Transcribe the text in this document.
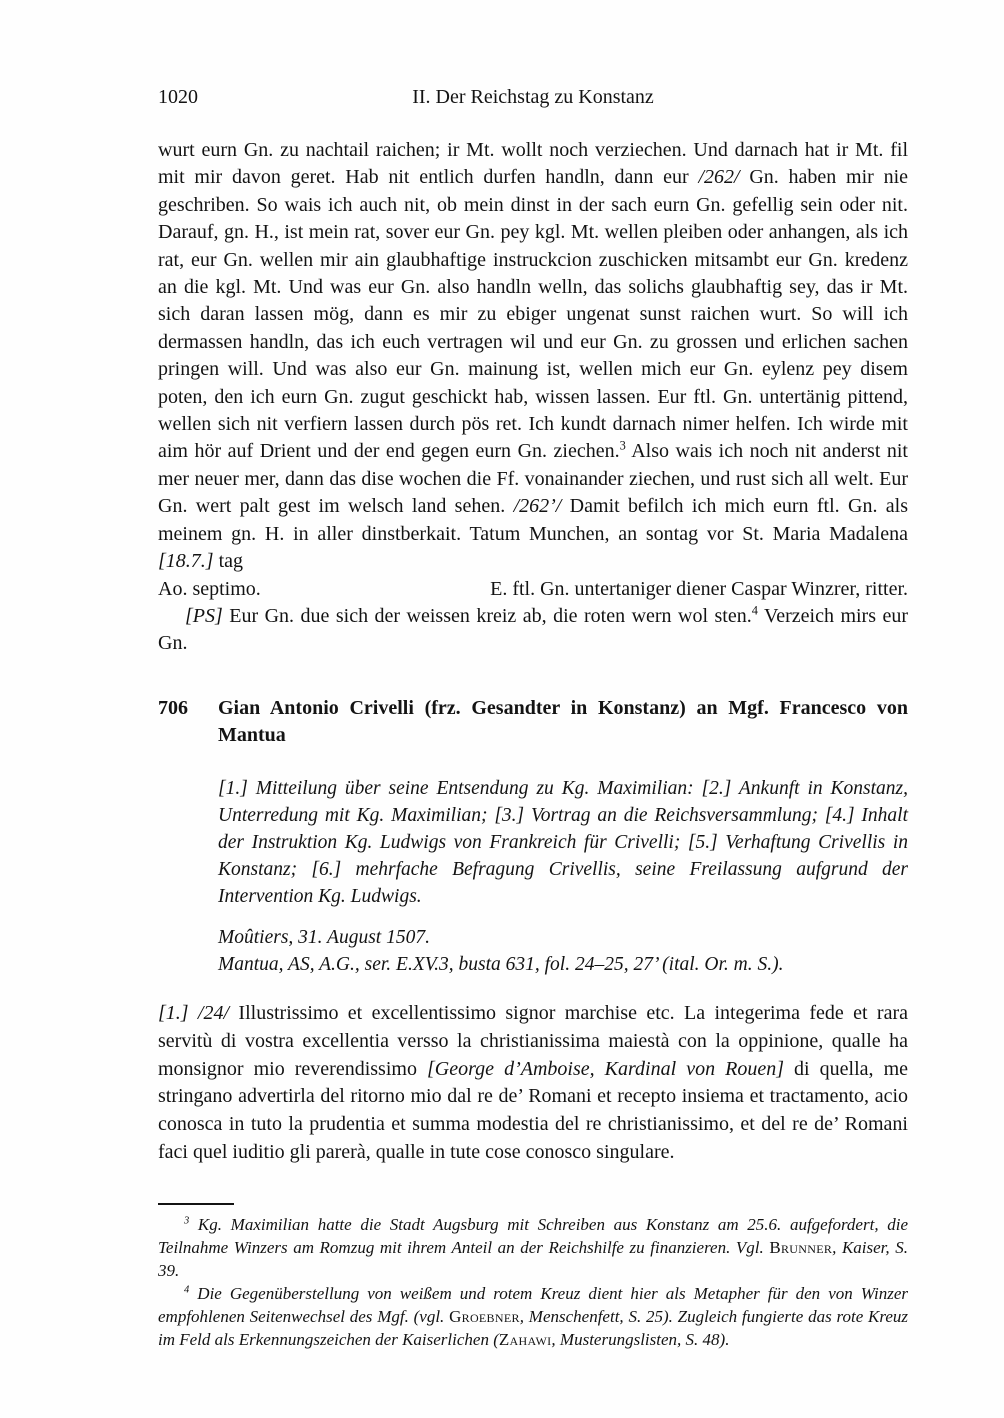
1020	II. Der Reichstag zu Konstanz
wurt eurn Gn. zu nachtail raichen; ir Mt. wollt noch verziechen. Und darnach hat ir Mt. fil mit mir davon geret. Hab nit entlich durfen handln, dann eur /262/ Gn. haben mir nie geschriben. So wais ich auch nit, ob mein dinst in der sach eurn Gn. gefellig sein oder nit. Darauf, gn. H., ist mein rat, sover eur Gn. pey kgl. Mt. wellen pleiben oder anhangen, als ich rat, eur Gn. wellen mir ain glaubhaftige instruckcion zuschicken mitsambt eur Gn. kredenz an die kgl. Mt. Und was eur Gn. also handln welln, das solichs glaubhaftig sey, das ir Mt. sich daran lassen mög, dann es mir zu ebiger ungenat sunst raichen wurt. So will ich dermassen handln, das ich euch vertragen wil und eur Gn. zu grossen und erlichen sachen pringen will. Und was also eur Gn. mainung ist, wellen mich eur Gn. eylenz pey disem poten, den ich eurn Gn. zugut geschickt hab, wissen lassen. Eur ftl. Gn. untertänig pittend, wellen sich nit verfiern lassen durch pös ret. Ich kundt darnach nimer helfen. Ich wirde mit aim hör auf Drient und der end gegen eurn Gn. ziechen.$^3$ Also wais ich noch nit anderst nit mer neuer mer, dann das dise wochen die Ff. vonainander ziechen, und rust sich all welt. Eur Gn. wert palt gest im welsch land sehen. /262’/ Damit befilch ich mich eurn ftl. Gn. als meinem gn. H. in aller dinstberkait. Tatum Munchen, an sontag vor St. Maria Madalena [18.7.] tag
Ao. septimo.	E. ftl. Gn. untertaniger diener Caspar Winzrer, ritter.
[PS] Eur Gn. due sich der weissen kreiz ab, die roten wern wol sten.$^4$ Verzeich mirs eur Gn.
706	Gian Antonio Crivelli (frz. Gesandter in Konstanz) an Mgf. Francesco von Mantua
[1.] Mitteilung über seine Entsendung zu Kg. Maximilian: [2.] Ankunft in Konstanz, Unterredung mit Kg. Maximilian; [3.] Vortrag an die Reichsversammlung; [4.] Inhalt der Instruktion Kg. Ludwigs von Frankreich für Crivelli; [5.] Verhaftung Crivellis in Konstanz; [6.] mehrfache Befragung Crivellis, seine Freilassung aufgrund der Intervention Kg. Ludwigs.
Moûtiers, 31. August 1507.
Mantua, AS, A.G., ser. E.XV.3, busta 631, fol. 24–25, 27’ (ital. Or. m. S.).
[1.] /24/ Illustrissimo et excellentissimo signor marchise etc. La integerima fede et rara servitù di vostra excellentia versso la christianissima maiestà con la oppinione, qualle ha monsignor mio reverendissimo [George d’Amboise, Kardinal von Rouen] di quella, me stringano advertirla del ritorno mio dal re de’ Romani et recepto insiema et tractamento, acio conosca in tuto la prudentia et summa modestia del re christianissimo, et del re de’ Romani faci quel iuditio gli parerà, qualle in tute cose conosco singulare.
$^3$ Kg. Maximilian hatte die Stadt Augsburg mit Schreiben aus Konstanz am 25.6. aufgefordert, die Teilnahme Winzers am Romzug mit ihrem Anteil an der Reichshilfe zu finanzieren. Vgl. Brunner, Kaiser, S. 39.
$^4$ Die Gegenüberstellung von weißem und rotem Kreuz dient hier als Metapher für den von Winzer empfohlenen Seitenwechsel des Mgf. (vgl. Groebner, Menschenfett, S. 25). Zugleich fungierte das rote Kreuz im Feld als Erkennungszeichen der Kaiserlichen (Zahawi, Musterungslisten, S. 48).
